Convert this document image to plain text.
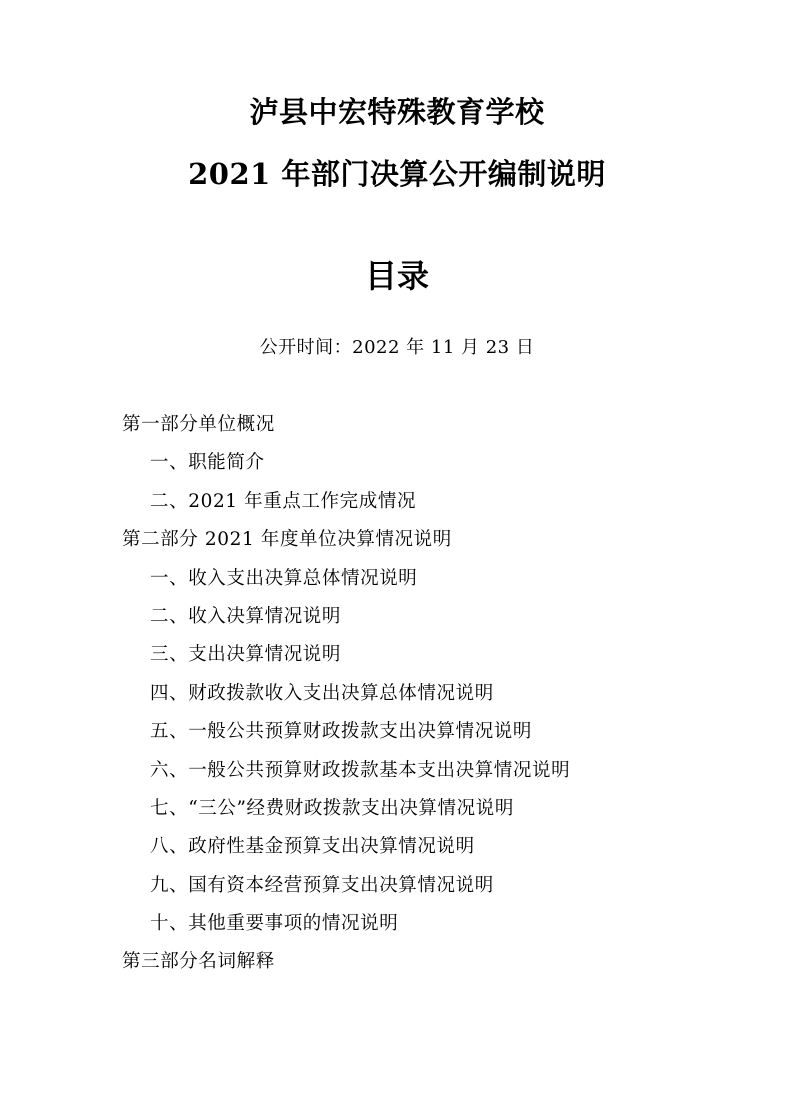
泸县中宏特殊教育学校
2021 年部门决算公开编制说明
目录
公开时间：2022 年 11 月 23 日
第一部分单位概况
一、职能简介
二、2021 年重点工作完成情况
第二部分 2021 年度单位决算情况说明
一、收入支出决算总体情况说明
二、收入决算情况说明
三、支出决算情况说明
四、财政拨款收入支出决算总体情况说明
五、一般公共预算财政拨款支出决算情况说明
六、一般公共预算财政拨款基本支出决算情况说明
七、“三公”经费财政拨款支出决算情况说明
八、政府性基金预算支出决算情况说明
九、国有资本经营预算支出决算情况说明
十、其他重要事项的情况说明
第三部分名词解释
